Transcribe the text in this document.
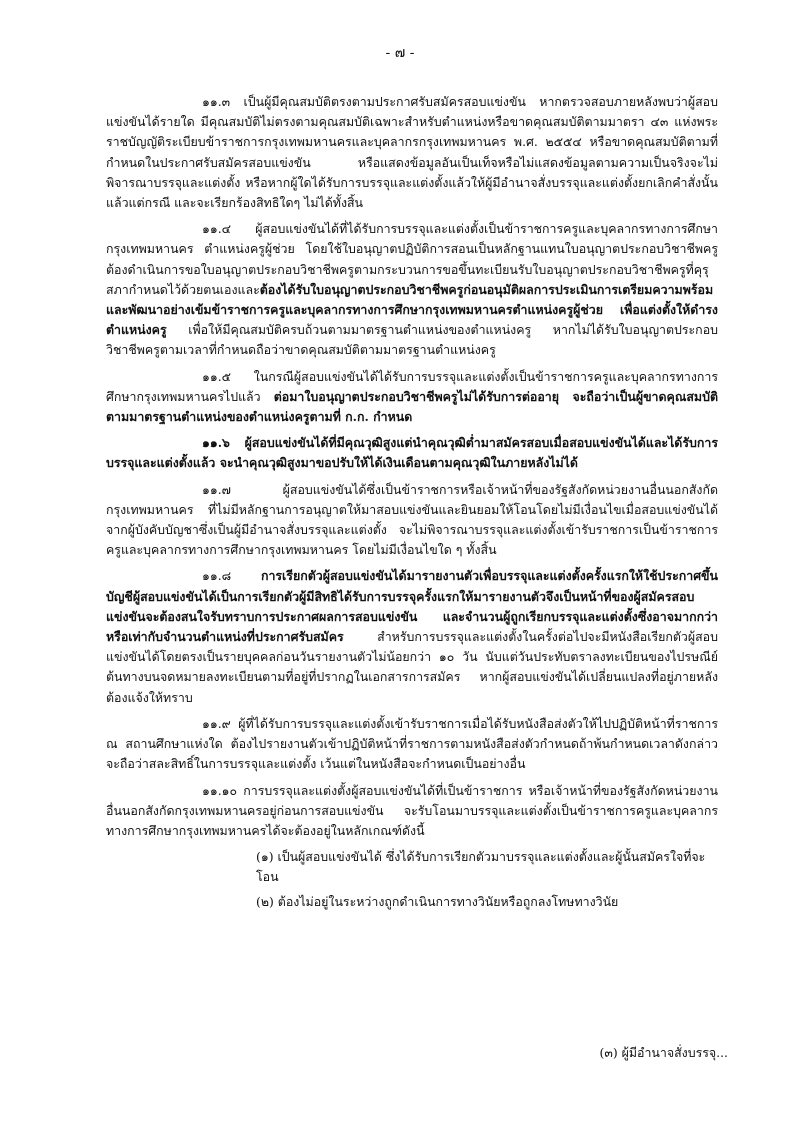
- ๗ -

๑๑.๓ เป็นผู้มีคุณสมบัติตรงตามประกาศรับสมัครสอบแข่งขัน หากตรวจสอบภายหลังพบว่าผู้สอบแข่งขันได้รายใด มีคุณสมบัติไม่ตรงตามคุณสมบัติเฉพาะสำหรับตำแหน่งหรือขาดคุณสมบัติตามมาตรา ๔๓ แห่งพระราชบัญญัติระเบียบข้าราชการกรุงเทพมหานครและบุคลากรกรุงเทพมหานคร พ.ศ. ๒๕๕๔ หรือขาดคุณสมบัติตามที่กำหนดในประกาศรับสมัครสอบแข่งขัน หรือแสดงข้อมูลอันเป็นเท็จหรือไม่แสดงข้อมูลตามความเป็นจริงจะไม่พิจารณาบรรจุและแต่งตั้ง หรือหากผู้ใดได้รับการบรรจุและแต่งตั้งแล้วให้ผู้มีอำนาจสั่งบรรจุและแต่งตั้งยกเลิกคำสั่งนั้น แล้วแต่กรณี และจะเรียกร้องสิทธิใดๆ ไม่ได้ทั้งสิ้น

๑๑.๔ ผู้สอบแข่งขันได้ที่ได้รับการบรรจุและแต่งตั้งเป็นข้าราชการครูและบุคลากรทางการศึกษากรุงเทพมหานคร ตำแหน่งครูผู้ช่วย โดยใช้ใบอนุญาตปฏิบัติการสอนเป็นหลักฐานแทนใบอนุญาตประกอบวิชาชีพครูต้องดำเนินการขอใบอนุญาตประกอบวิชาชีพครูตามกระบวนการขอขึ้นทะเบียนรับใบอนุญาตประกอบวิชาชีพครูที่คุรุสภากำหนดไว้ด้วยตนเองและต้องได้รับใบอนุญาตประกอบวิชาชีพครูก่อนอนุมัติผลการประเมินการเตรียมความพร้อมและพัฒนาอย่างเข้มข้าราชการครูและบุคลากรทางการศึกษากรุงเทพมหานครตำแหน่งครูผู้ช่วย เพื่อแต่งตั้งให้ดำรงตำแหน่งครู เพื่อให้มีคุณสมบัติครบถ้วนตามมาตรฐานตำแหน่งของตำแหน่งครู หากไม่ได้รับใบอนุญาตประกอบวิชาชีพครูตามเวลาที่กำหนดถือว่าขาดคุณสมบัติตามมาตรฐานตำแหน่งครู

๑๑.๕ ในกรณีผู้สอบแข่งขันได้ได้รับการบรรจุและแต่งตั้งเป็นข้าราชการครูและบุคลากรทางการศึกษากรุงเทพมหานครไปแล้ว ต่อมาใบอนุญาตประกอบวิชาชีพครูไม่ได้รับการต่ออายุ จะถือว่าเป็นผู้ขาดคุณสมบัติตามมาตรฐานตำแหน่งของตำแหน่งครูตามที่ ก.ก. กำหนด

๑๑.๖ ผู้สอบแข่งขันได้ที่มีคุณวุฒิสูงแต่นำคุณวุฒิต่ำมาสมัครสอบเมื่อสอบแข่งขันได้และได้รับการบรรจุและแต่งตั้งแล้ว จะนำคุณวุฒิสูงมาขอปรับให้ได้เงินเดือนตามคุณวุฒิในภายหลังไม่ได้

๑๑.๗ ผู้สอบแข่งขันได้ซึ่งเป็นข้าราชการหรือเจ้าหน้าที่ของรัฐสังกัดหน่วยงานอื่นนอกสังกัดกรุงเทพมหานคร ที่ไม่มีหลักฐานการอนุญาตให้มาสอบแข่งขันและยินยอมให้โอนโดยไม่มีเงื่อนไขเมื่อสอบแข่งขันได้จากผู้บังคับบัญชาซึ่งเป็นผู้มีอำนาจสั่งบรรจุและแต่งตั้ง จะไม่พิจารณาบรรจุและแต่งตั้งเข้ารับราชการเป็นข้าราชการครูและบุคลากรทางการศึกษากรุงเทพมหานคร โดยไม่มีเงื่อนไขใด ๆ ทั้งสิ้น

๑๑.๘ การเรียกตัวผู้สอบแข่งขันได้มารายงานตัวเพื่อบรรจุและแต่งตั้งครั้งแรกให้ใช้ประกาศขึ้นบัญชีผู้สอบแข่งขันได้เป็นการเรียกตัวผู้มีสิทธิได้รับการบรรจุครั้งแรกให้มารายงานตัวจึงเป็นหน้าที่ของผู้สมัครสอบแข่งขันจะต้องสนใจรับทราบการประกาศผลการสอบแข่งขัน และจำนวนผู้ถูกเรียกบรรจุและแต่งตั้งซึ่งอาจมากกว่าหรือเท่ากับจำนวนตำแหน่งที่ประกาศรับสมัคร สำหรับการบรรจุและแต่งตั้งในครั้งต่อไปจะมีหนังสือเรียกตัวผู้สอบแข่งขันได้โดยตรงเป็นรายบุคคลก่อนวันรายงานตัวไม่น้อยกว่า ๑๐ วัน นับแต่วันประทับตราลงทะเบียนของไปรษณีย์ต้นทางบนจดหมายลงทะเบียนตามที่อยู่ที่ปรากฏในเอกสารการสมัคร หากผู้สอบแข่งขันได้เปลี่ยนแปลงที่อยู่ภายหลังต้องแจ้งให้ทราบ

๑๑.๙ ผู้ที่ได้รับการบรรจุและแต่งตั้งเข้ารับราชการเมื่อได้รับหนังสือส่งตัวให้ไปปฏิบัติหน้าที่ราชการ ณ สถานศึกษาแห่งใด ต้องไปรายงานตัวเข้าปฏิบัติหน้าที่ราชการตามหนังสือส่งตัวกำหนดถ้าพ้นกำหนดเวลาดังกล่าวจะถือว่าสละสิทธิ์ในการบรรจุและแต่งตั้ง เว้นแต่ในหนังสือจะกำหนดเป็นอย่างอื่น

๑๑.๑๐ การบรรจุและแต่งตั้งผู้สอบแข่งขันได้ที่เป็นข้าราชการ หรือเจ้าหน้าที่ของรัฐสังกัดหน่วยงานอื่นนอกสังกัดกรุงเทพมหานครอยู่ก่อนการสอบแข่งขัน จะรับโอนมาบรรจุและแต่งตั้งเป็นข้าราชการครูและบุคลากรทางการศึกษากรุงเทพมหานครได้จะต้องอยู่ในหลักเกณฑ์ดังนี้

(๑) เป็นผู้สอบแข่งขันได้ ซึ่งได้รับการเรียกตัวมาบรรจุและแต่งตั้งและผู้นั้นสมัครใจที่จะโอน

(๒) ต้องไม่อยู่ในระหว่างถูกดำเนินการทางวินัยหรือถูกลงโทษทางวินัย

(๓) ผู้มีอำนาจสั่งบรรจุ...
